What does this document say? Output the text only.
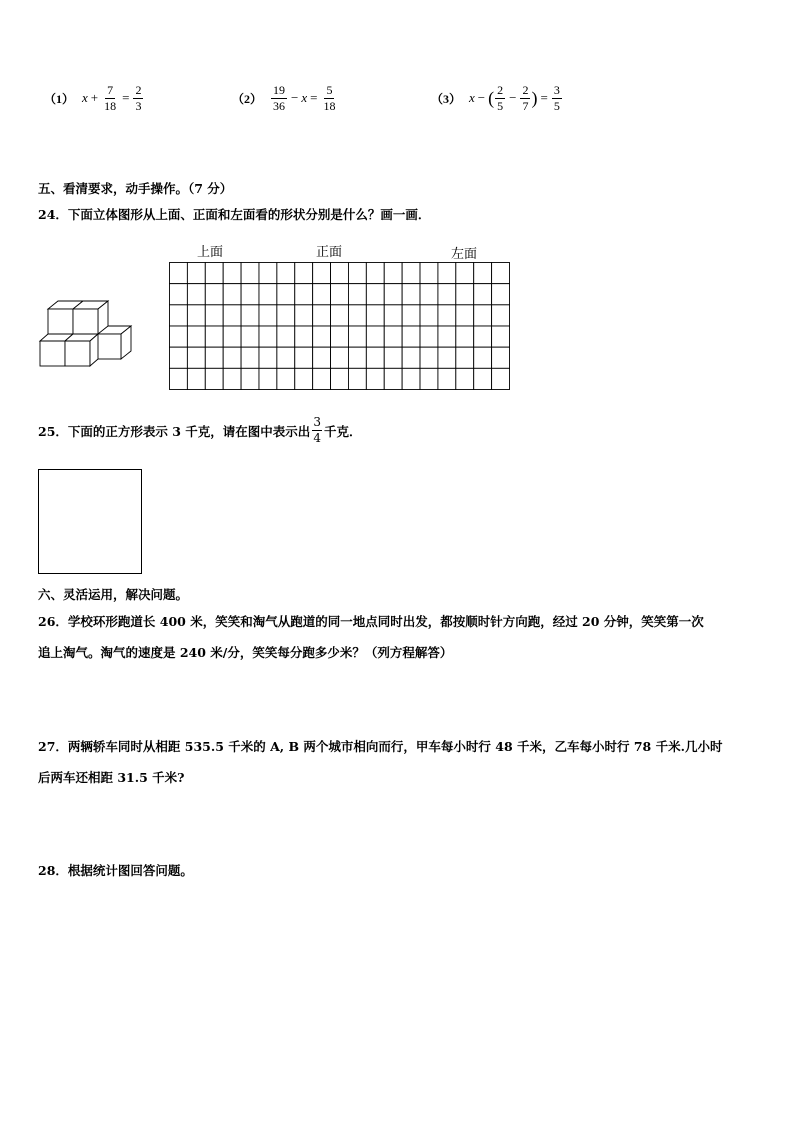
（1） $x + \frac{7}{18} = \frac{2}{3}$	$(2) \frac{19}{36} - x = \frac{5}{18}$	（3） x − ( $\frac{2}{5} - \frac{2}{7}$ ) = $\frac{3}{5}$
五、看清要求，动手操作。（7 分）
24．下面立体图形从上面、正面和左面看的形状分别是什么？画一画．
上面	正面	左面
25．下面的正方形表示 3 千克，请在图中表示出 $\frac{3}{4}$ 千克．
六、灵活运用，解决问题。
26．学校环形跑道长 400 米，笑笑和淘气从跑道的同一地点同时出发，都按顺时针方向跑，经过 20 分钟，笑笑第一次
追上淘气。淘气的速度是 240 米/分，笑笑每分跑多少米？（列方程解答）
27．两辆轿车同时从相距 535.5 千米的 A, B 两个城市相向而行，甲车每小时行 48 千米，乙车每小时行 78 千米.几小时
后两车还相距 31.5 千米?
28．根据统计图回答问题。
